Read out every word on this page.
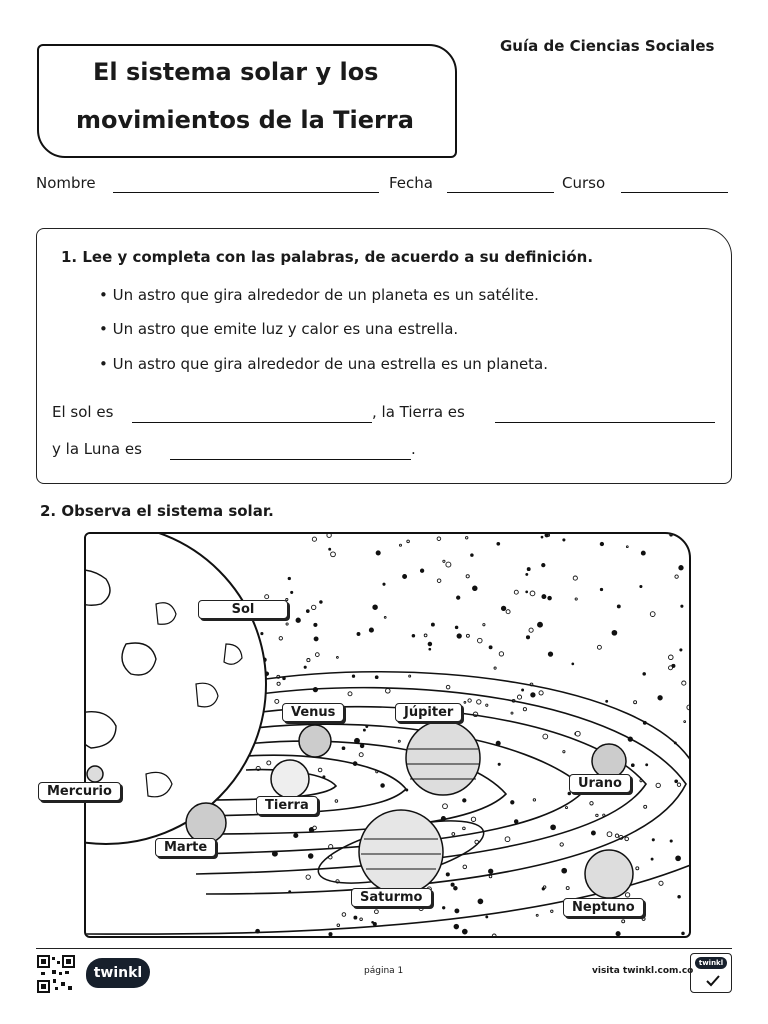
El sistema solar y los
movimientos de la Tierra
Guía de Ciencias Sociales
Nombre	Fecha	Curso
1. Lee y completa con las palabras, de acuerdo a su definición.
• Un astro que gira alrededor de un planeta es un satélite.
• Un astro que emite luz y calor es una estrella.
• Un astro que gira alrededor de una estrella es un planeta.
El sol es	, la Tierra es
y la Luna es	.
2. Observa el sistema solar.
Sol
Venus	Júpiter
Tierra
Urano
Marte
Saturmo
Neptuno
Mercurio
twinkl	página 1	visita twinkl.com.co
twinkl
